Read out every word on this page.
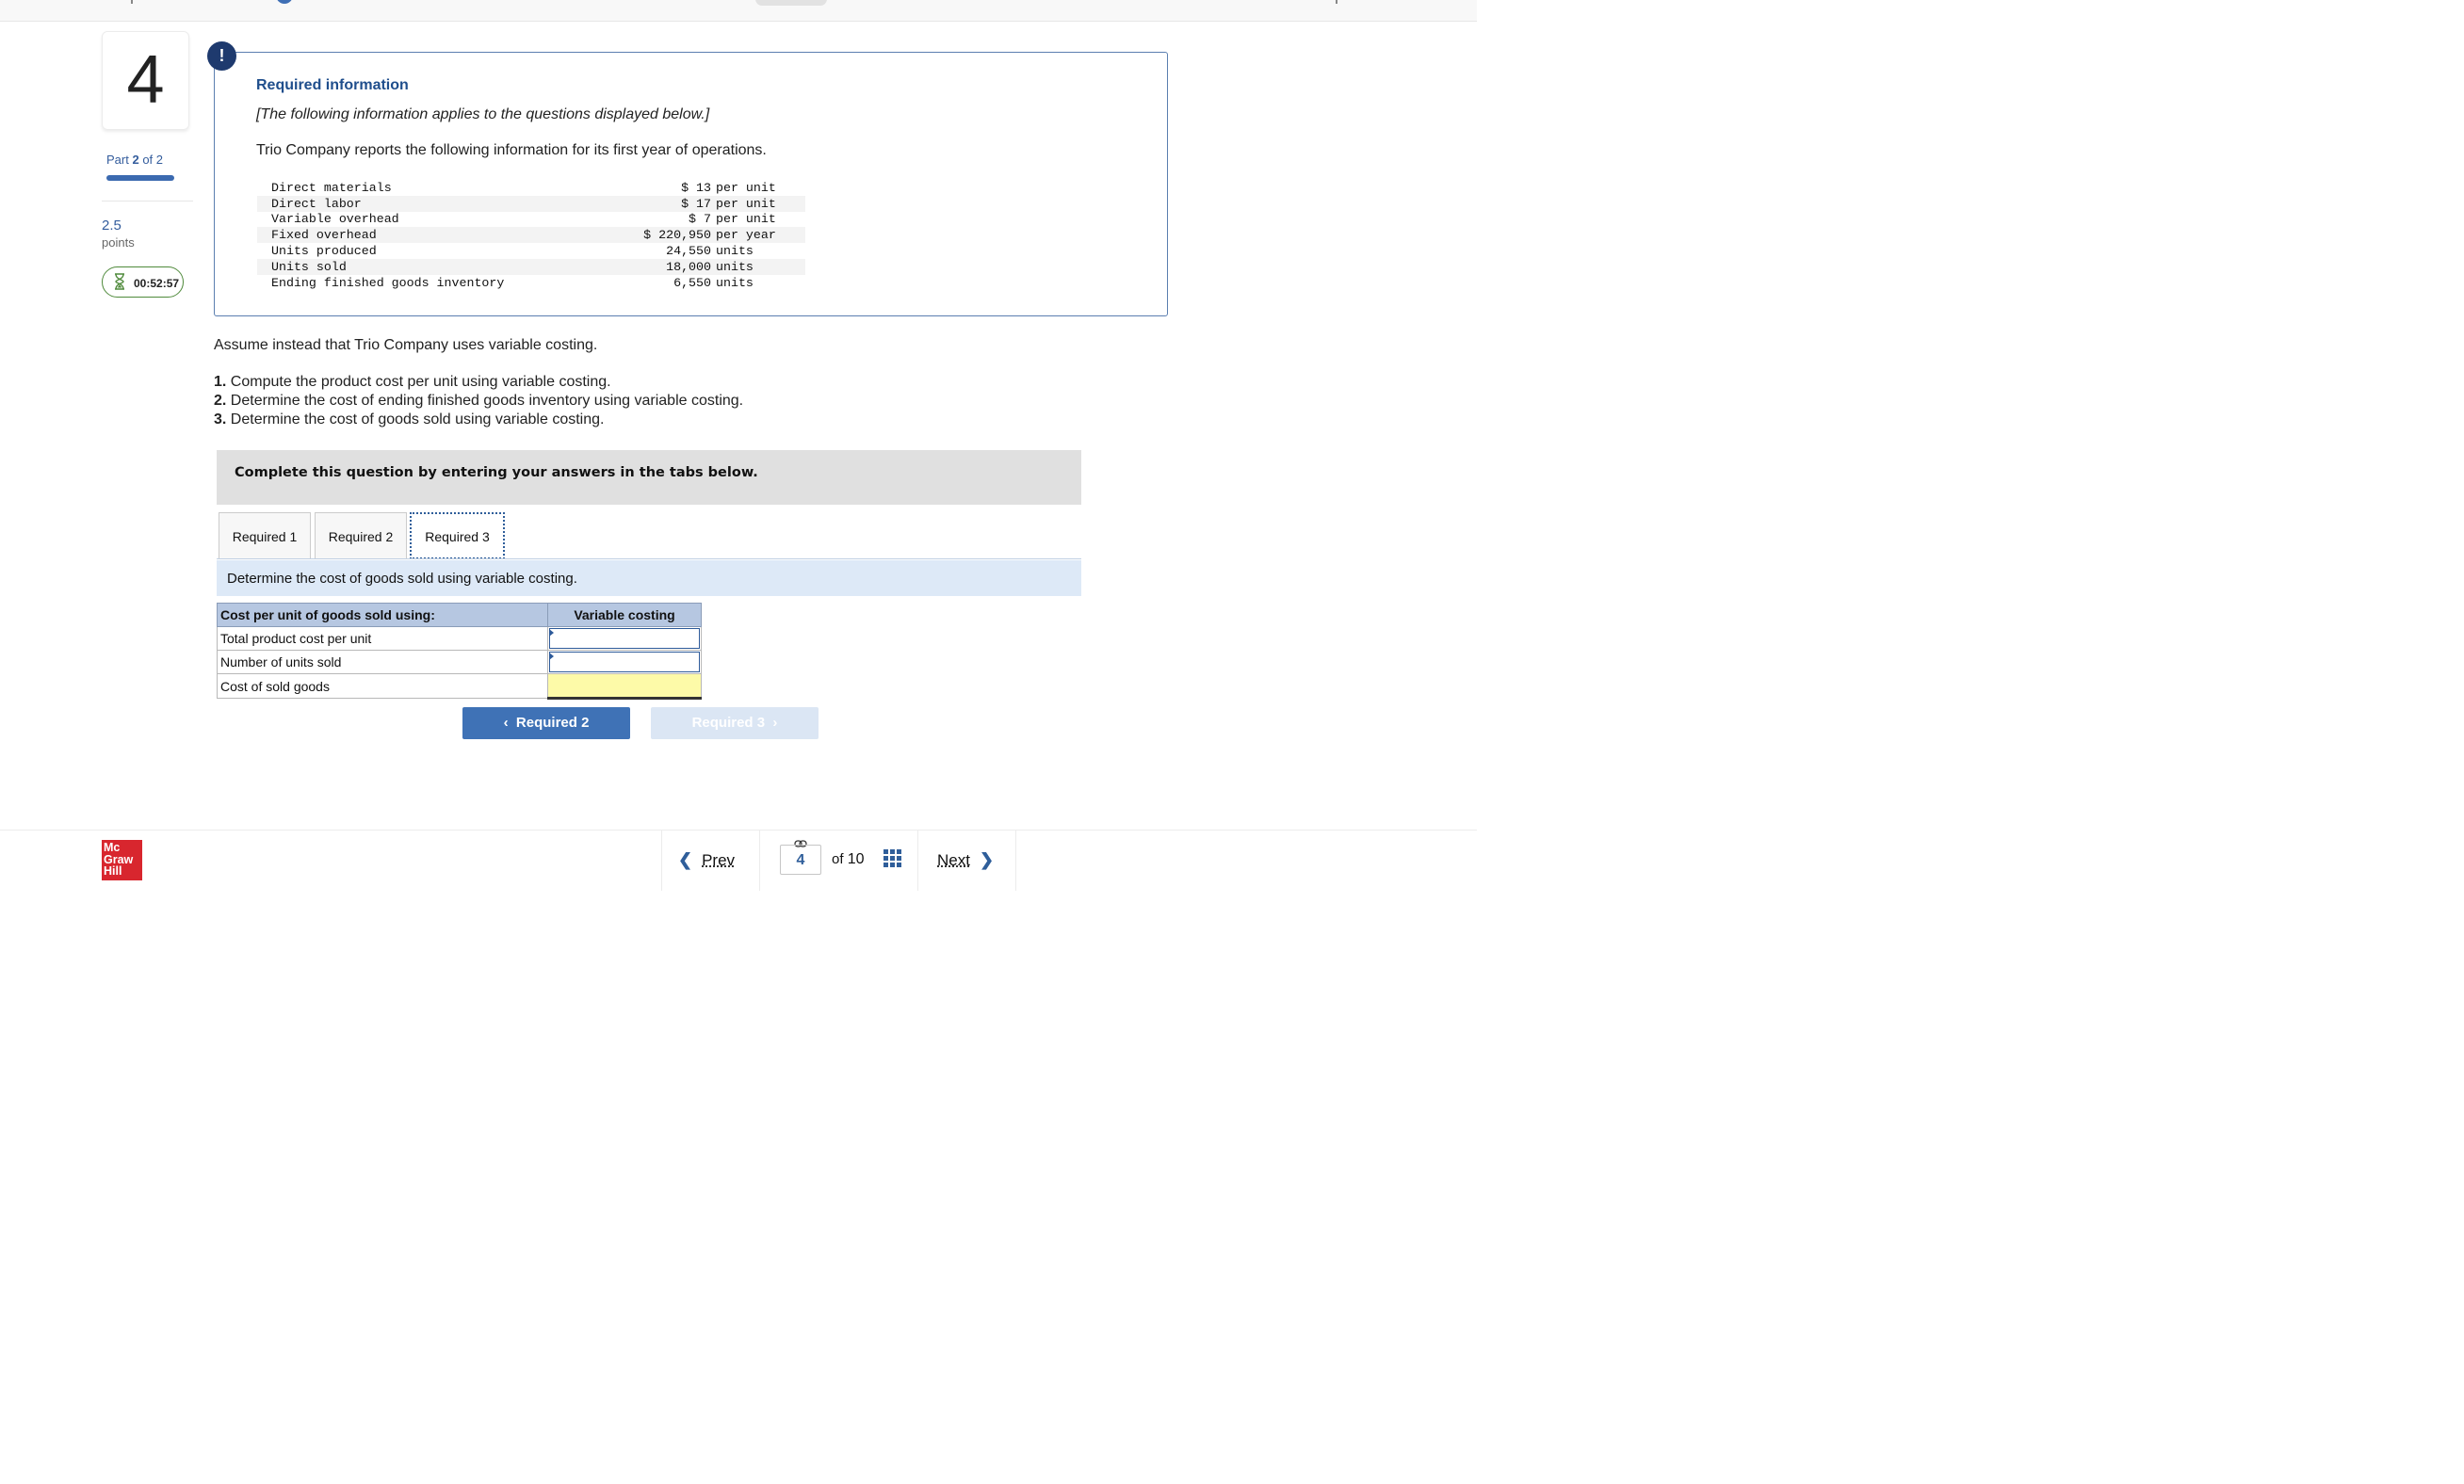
4
Part 2 of 2
2.5
points
00:52:57
!
Required information
[The following information applies to the questions displayed below.]
Trio Company reports the following information for its first year of operations.
Direct materials	$ 13	per unit
Direct labor	$ 17	per unit
Variable overhead	$ 7	per unit
Fixed overhead	$ 220,950	per year
Units produced	24,550	units
Units sold	18,000	units
Ending finished goods inventory	6,550	units
Assume instead that Trio Company uses variable costing.
1. Compute the product cost per unit using variable costing.
2. Determine the cost of ending finished goods inventory using variable costing.
3. Determine the cost of goods sold using variable costing.
Complete this question by entering your answers in the tabs below.
Required 1	Required 2	Required 3
Determine the cost of goods sold using variable costing.
Cost per unit of goods sold using:	Variable costing
Total product cost per unit	

Number of units sold	

Cost of sold goods	
‹  Required 2	Required 3  ›
Mc
Graw
Hill
❮ Prev	4	of 10	Next ❯
